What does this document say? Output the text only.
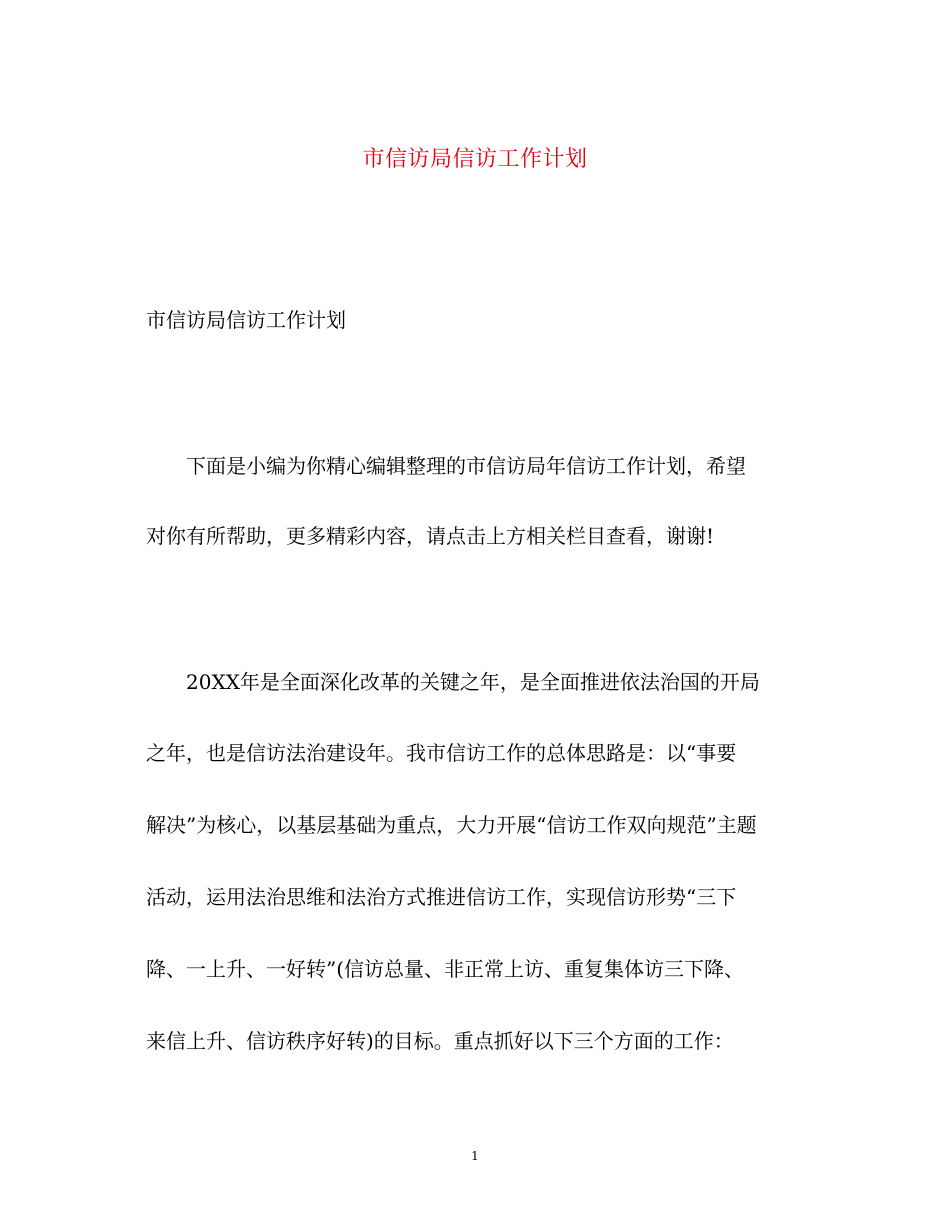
市信访局信访工作计划
市信访局信访工作计划
下面是小编为你精心编辑整理的市信访局年信访工作计划，希望
对你有所帮助，更多精彩内容，请点击上方相关栏目查看，谢谢!
20XX年是全面深化改革的关键之年，是全面推进依法治国的开局
之年，也是信访法治建设年。我市信访工作的总体思路是：以“事要
解决”为核心，以基层基础为重点，大力开展“信访工作双向规范”主题
活动，运用法治思维和法治方式推进信访工作，实现信访形势“三下
降、一上升、一好转”(信访总量、非正常上访、重复集体访三下降、
来信上升、信访秩序好转)的目标。重点抓好以下三个方面的工作：
1
